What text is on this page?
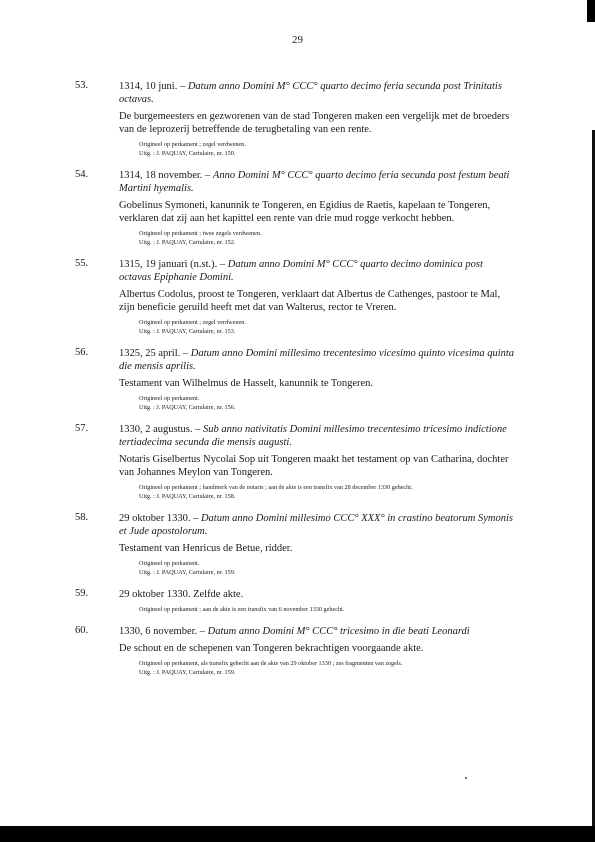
29
53.	1314, 10 juni. – Datum anno Domini M° CCC° quarto decimo feria secunda post Trinitatis octavas.
De burgemeesters en gezworenen van de stad Tongeren maken een vergelijk met de broeders van de leprozerij betreffende de terugbetaling van een rente.
Origineel op perkament ; zegel verdwenen.
Uitg. : J. PAQUAY, Cartulaire, nr. 150.
54.	1314, 18 november. – Anno Domini M° CCC° quarto decimo feria secunda post festum beati Martini hyemalis.
Gobelinus Symoneti, kanunnik te Tongeren, en Egidius de Raetis, kapelaan te Tongeren, verklaren dat zij aan het kapittel een rente van drie mud rogge verkocht hebben.
Origineel op perkament ; twee zegels verdwenen.
Uitg. : J. PAQUAY, Cartulaire, nr. 152.
55.	1315, 19 januari (n.st.). – Datum anno Domini M° CCC° quarto decimo dominica post octavas Epiphanie Domini.
Albertus Codolus, proost te Tongeren, verklaart dat Albertus de Cathenges, pastoor te Mal, zijn beneficie geruild heeft met dat van Walterus, rector te Vreren.
Origineel op perkament ; zegel verdwenen.
Uitg. : J. PAQUAY, Cartulaire, nr. 153.
56.	1325, 25 april. – Datum anno Domini millesimo trecentesimo vicesimo quinto vicesima quinta die mensis aprilis.
Testament van Wilhelmus de Hasselt, kanunnik te Tongeren.
Origineel op perkament.
Uitg. : J. PAQUAY, Cartulaire, nr. 156.
57.	1330, 2 augustus. – Sub anno nativitatis Domini millesimo trecentesimo tricesimo indictione tertiadecima secunda die mensis augusti.
Notaris Giselbertus Nycolai Sop uit Tongeren maakt het testament op van Catharina, dochter van Johannes Meylon van Tongeren.
Origineel op perkament ; handmerk van de notaris ; aan de akte is een transfix van 28 december 1330 gehecht.
Uitg. : J. PAQUAY, Cartulaire, nr. 158.
58.	29 oktober 1330. – Datum anno Domini millesimo CCC° XXX° in crastino beatorum Symonis et Jude apostolorum.
Testament van Henricus de Betue, ridder.
Origineel op perkament.
Uitg. : J. PAQUAY, Cartulaire, nr. 159.
59.	29 oktober 1330. Zelfde akte.
Origineel op perkament ; aan de akte is een transfix van 6 november 1330 gehecht.
60.	1330, 6 november. – Datum anno Domini M° CCC° tricesimo in die beati Leonardi
De schout en de schepenen van Tongeren bekrachtigen voorgaande akte.
Origineel op perkament, als transfix gehecht aan de akte van 29 oktober 1330 ; zes fragmenten van zegels.
Uitg. : J. PAQUAY, Cartulaire, nr. 159.
